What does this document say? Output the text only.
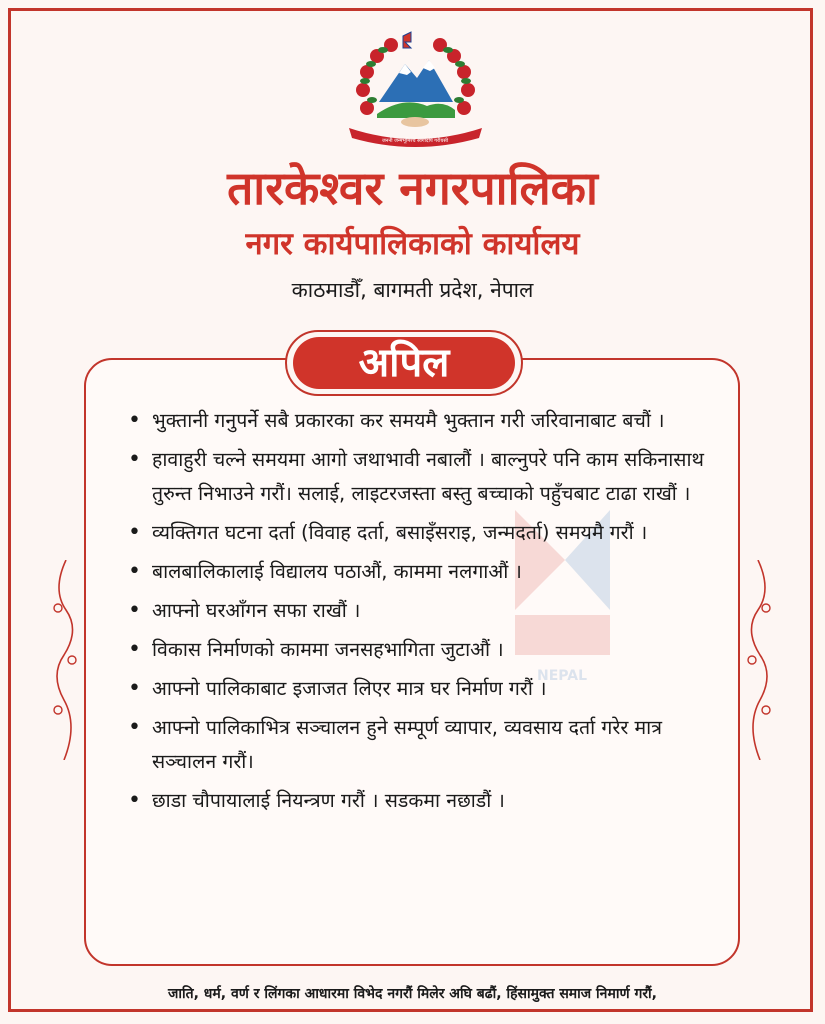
जननी जन्मभूमिश्च स्वर्गादपि गरीयसी
तारकेश्वर नगरपालिका
नगर कार्यपालिकाको कार्यालय
काठमाडौँ, बागमती प्रदेश, नेपाल
NEPAL
अपिल
• भुक्तानी गनुपर्ने सबै प्रकारका कर समयमै भुक्तान गरी जरिवानाबाट बचौं ।
• हावाहुरी चल्ने समयमा आगो जथाभावी नबालौं । बाल्नुपरे पनि काम सकिनासाथ तुरुन्त निभाउने गरौं। सलाई, लाइटरजस्ता बस्तु बच्चाको पहुँचबाट टाढा राखौं ।
• व्यक्तिगत घटना दर्ता (विवाह दर्ता, बसाइँसराइ, जन्मदर्ता) समयमै गरौं ।
• बालबालिकालाई विद्यालय पठाऔं, काममा नलगाऔं ।
• आफ्नो घरआँगन सफा राखौं ।
• विकास निर्माणको काममा जनसहभागिता जुटाऔं ।
• आफ्नो पालिकाबाट इजाजत लिएर मात्र घर निर्माण गरौं ।
• आफ्नो पालिकाभित्र सञ्चालन हुने सम्पूर्ण व्यापार, व्यवसाय दर्ता गरेर मात्र सञ्चालन गरौं।
• छाडा चौपायालाई नियन्त्रण गरौं । सडकमा नछाडौं ।
जाति, धर्म, वर्ण र लिंगका आधारमा विभेद नगरौं मिलेर अघि बढौं, हिंसामुक्त समाज निमार्ण गरौं,
